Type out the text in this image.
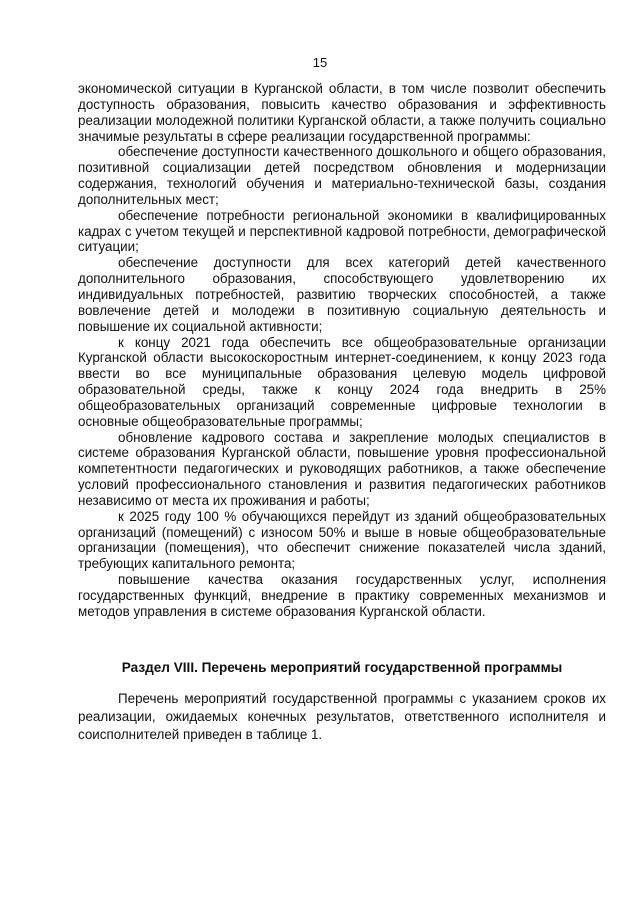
15

экономической ситуации в Курганской области, в том числе позволит обеспечить доступность образования, повысить качество образования и эффективность реализации молодежной политики Курганской области, а также получить социально значимые результаты в сфере реализации государственной программы:

обеспечение доступности качественного дошкольного и общего образования, позитивной социализации детей посредством обновления и модернизации содержания, технологий обучения и материально-технической базы, создания дополнительных мест;

обеспечение потребности региональной экономики в квалифицированных кадрах с учетом текущей и перспективной кадровой потребности, демографической ситуации;

обеспечение доступности для всех категорий детей качественного дополнительного образования, способствующего удовлетворению их индивидуальных потребностей, развитию творческих способностей, а также вовлечение детей и молодежи в позитивную социальную деятельность и повышение их социальной активности;

к концу 2021 года обеспечить все общеобразовательные организации Курганской области высокоскоростным интернет-соединением, к концу 2023 года ввести во все муниципальные образования целевую модель цифровой образовательной среды, также к концу 2024 года внедрить в 25% общеобразовательных организаций современные цифровые технологии в основные общеобразовательные программы;

обновление кадрового состава и закрепление молодых специалистов в системе образования Курганской области, повышение уровня профессиональной компетентности педагогических и руководящих работников, а также обеспечение условий профессионального становления и развития педагогических работников независимо от места их проживания и работы;

к 2025 году 100 % обучающихся перейдут из зданий общеобразовательных организаций (помещений) с износом 50% и выше в новые общеобразовательные организации (помещения), что обеспечит снижение показателей числа зданий, требующих капитального ремонта;

повышение качества оказания государственных услуг, исполнения государственных функций, внедрение в практику современных механизмов и методов управления в системе образования Курганской области.

Раздел VIII. Перечень мероприятий государственной программы

Перечень мероприятий государственной программы с указанием сроков их реализации, ожидаемых конечных результатов, ответственного исполнителя и соисполнителей приведен в таблице 1.
